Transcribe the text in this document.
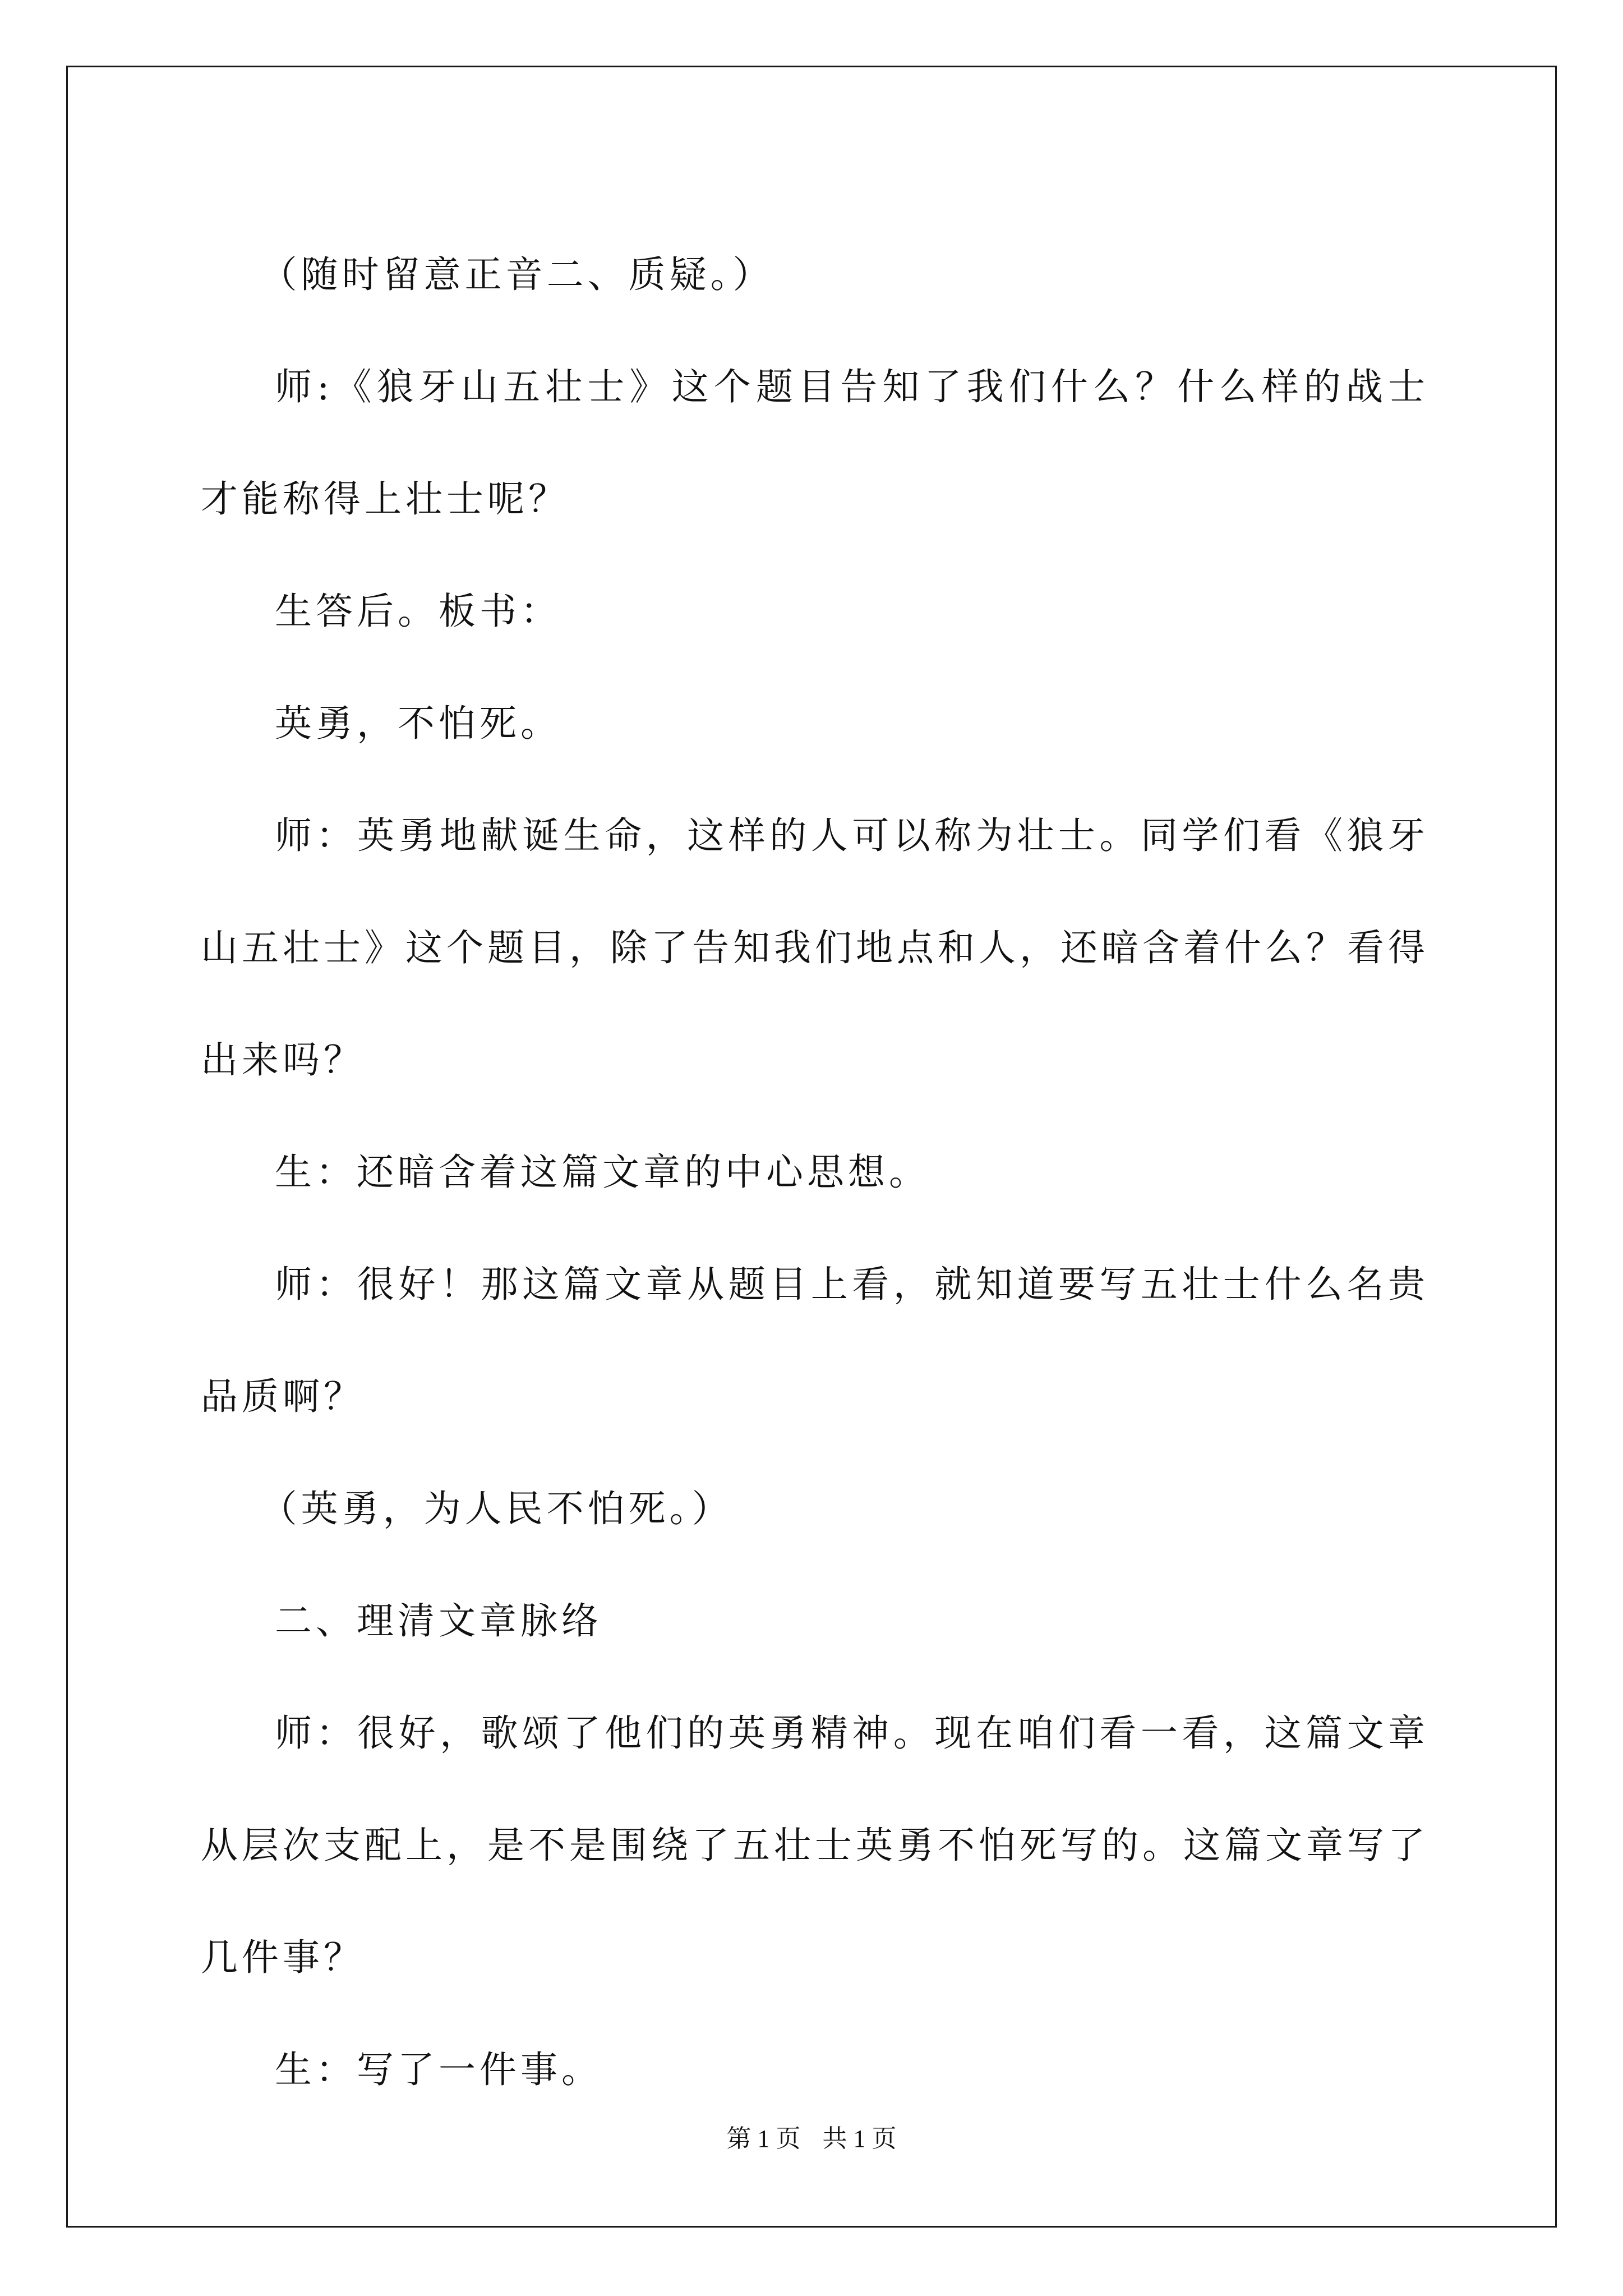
（随时留意正音二、质疑。）

师:《狼牙山五壮士》这个题目告知了我们什么？什么样的战士才能称得上壮士呢？

生答后。板书：

英勇，不怕死。

师：英勇地献诞生命，这样的人可以称为壮士。同学们看《狼牙山五壮士》这个题目，除了告知我们地点和人，还暗含着什么？看得出来吗？

生：还暗含着这篇文章的中心思想。

师：很好！那这篇文章从题目上看，就知道要写五壮士什么名贵品质啊？

（英勇，为人民不怕死。）

二、理清文章脉络

师：很好，歌颂了他们的英勇精神。现在咱们看一看，这篇文章从层次支配上，是不是围绕了五壮士英勇不怕死写的。这篇文章写了几件事？

生：写了一件事。

第 1 页 共 1 页
